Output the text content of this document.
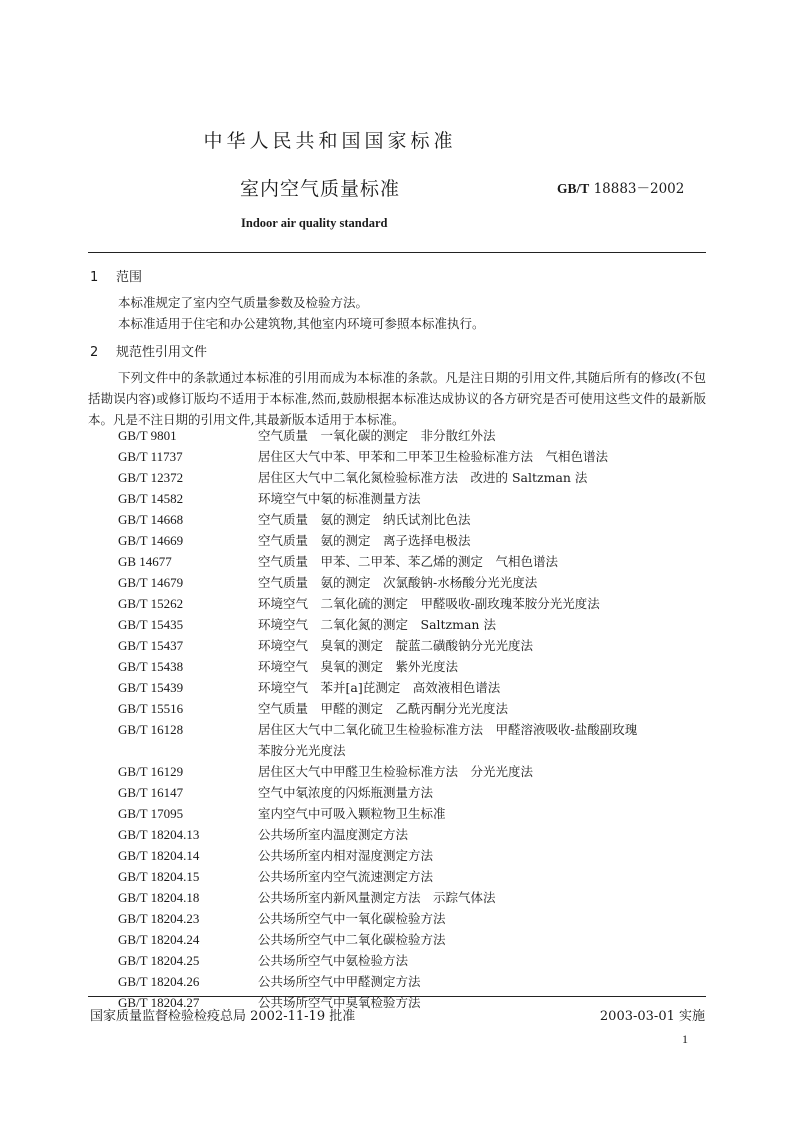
中华人民共和国国家标准
室内空气质量标准	GB/T 18883－2002
Indoor air quality standard
1 范围
本标准规定了室内空气质量参数及检验方法。
本标准适用于住宅和办公建筑物,其他室内环境可参照本标准执行。
2 规范性引用文件
下列文件中的条款通过本标准的引用而成为本标准的条款。凡是注日期的引用文件,其随后所有的修改(不包括勘误内容)或修订版均不适用于本标准,然而,鼓励根据本标准达成协议的各方研究是否可使用这些文件的最新版本。凡是不注日期的引用文件,其最新版本适用于本标准。
GB/T 9801	空气质量　一氧化碳的测定　非分散红外法
GB/T 11737	居住区大气中苯、甲苯和二甲苯卫生检验标准方法　气相色谱法
GB/T 12372	居住区大气中二氧化氮检验标准方法　改进的 Saltzman 法
GB/T 14582	环境空气中氡的标准测量方法
GB/T 14668	空气质量　氨的测定　纳氏试剂比色法
GB/T 14669	空气质量　氨的测定　离子选择电极法
GB 14677	空气质量　甲苯、二甲苯、苯乙烯的测定　气相色谱法
GB/T 14679	空气质量　氨的测定　次氯酸钠-水杨酸分光光度法
GB/T 15262	环境空气　二氧化硫的测定　甲醛吸收-副玫瑰苯胺分光光度法
GB/T 15435	环境空气　二氧化氮的测定　Saltzman 法
GB/T 15437	环境空气　臭氧的测定　靛蓝二磺酸钠分光光度法
GB/T 15438	环境空气　臭氧的测定　紫外光度法
GB/T 15439	环境空气　苯并[a]芘测定　高效液相色谱法
GB/T 15516	空气质量　甲醛的测定　乙酰丙酮分光光度法
GB/T 16128	居住区大气中二氧化硫卫生检验标准方法　甲醛溶液吸收-盐酸副玫瑰
苯胺分光光度法
GB/T 16129	居住区大气中甲醛卫生检验标准方法　分光光度法
GB/T 16147	空气中氡浓度的闪烁瓶测量方法
GB/T 17095	室内空气中可吸入颗粒物卫生标准
GB/T 18204.13	公共场所室内温度测定方法
GB/T 18204.14	公共场所室内相对湿度测定方法
GB/T 18204.15	公共场所室内空气流速测定方法
GB/T 18204.18	公共场所室内新风量测定方法　示踪气体法
GB/T 18204.23	公共场所空气中一氧化碳检验方法
GB/T 18204.24	公共场所空气中二氧化碳检验方法
GB/T 18204.25	公共场所空气中氨检验方法
GB/T 18204.26	公共场所空气中甲醛测定方法
GB/T 18204.27	公共场所空气中臭氧检验方法
国家质量监督检验检疫总局 2002-11-19 批准	2003-03-01 实施
1
